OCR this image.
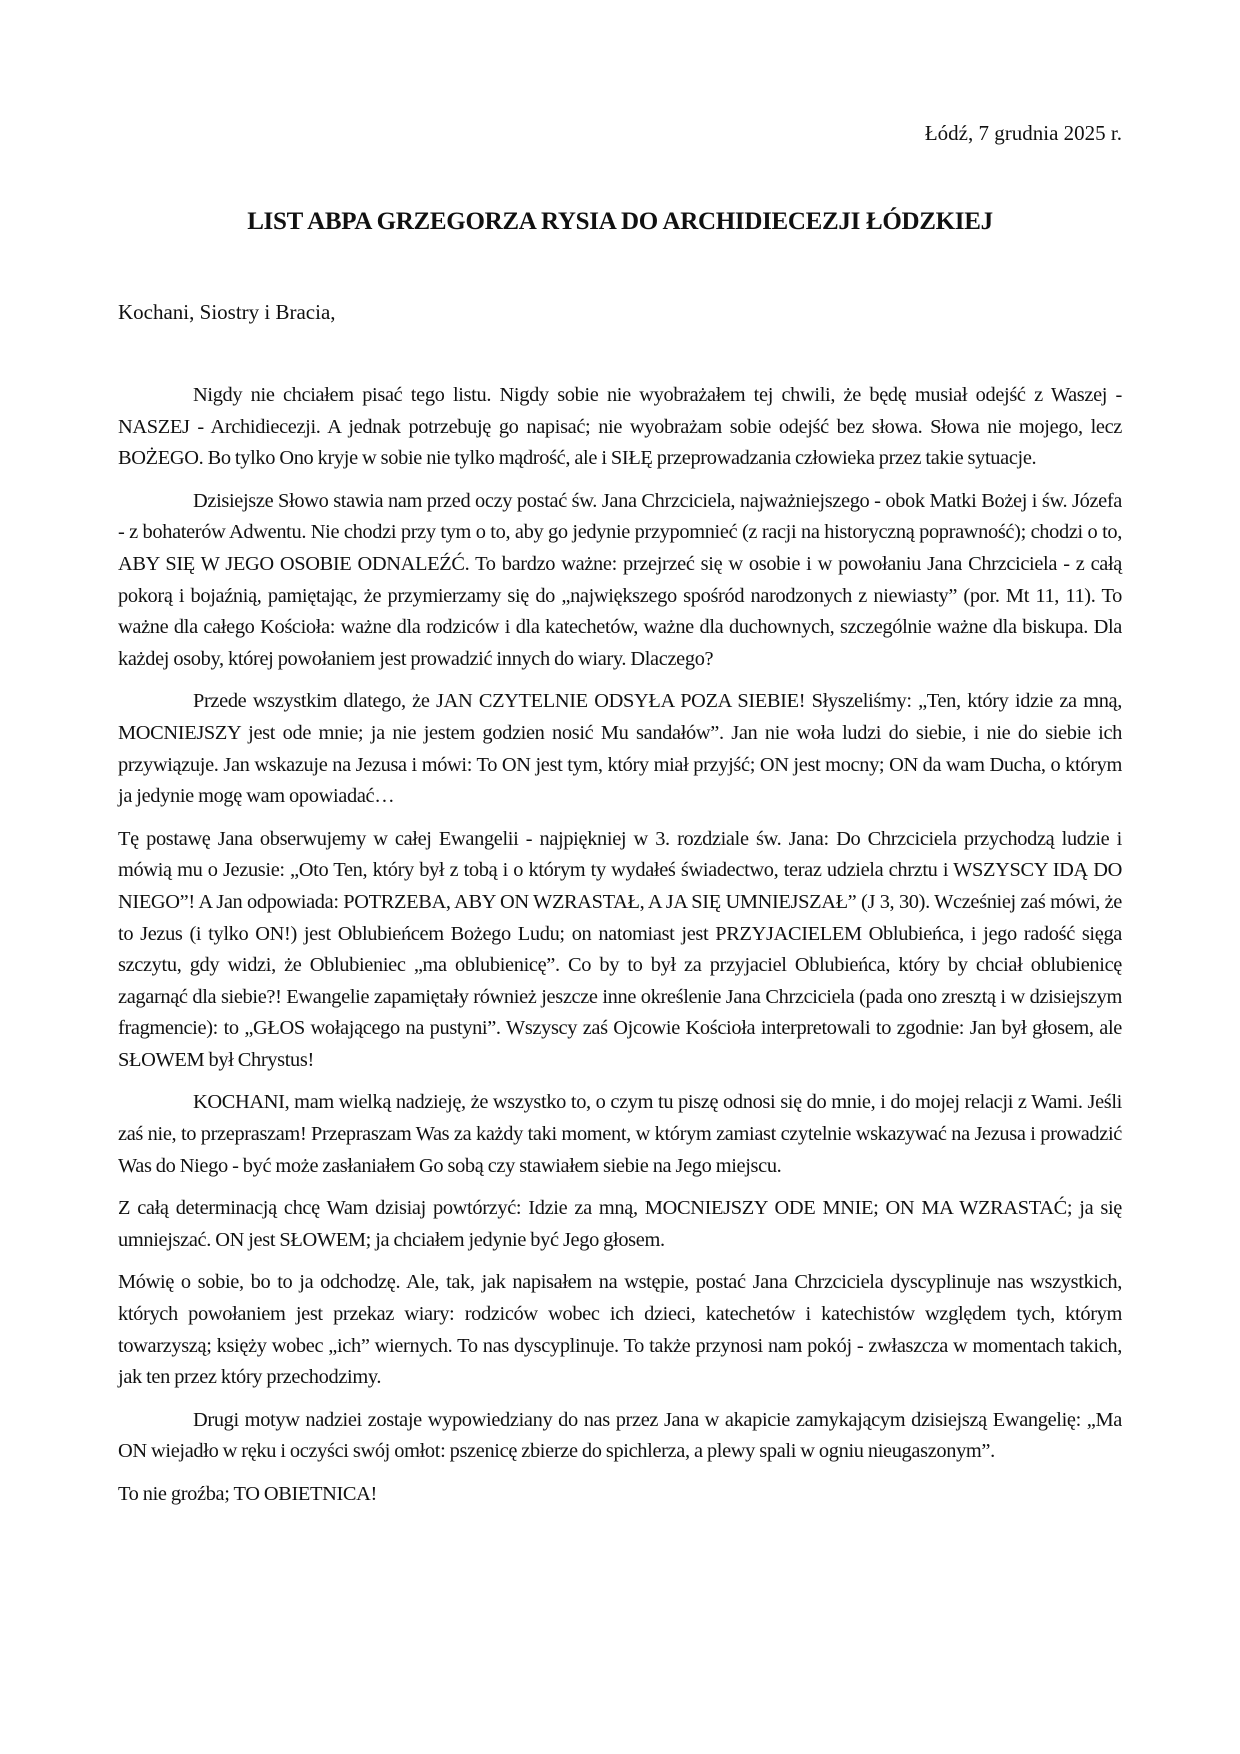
Łódź, 7 grudnia 2025 r.
LIST ABPA GRZEGORZA RYSIA DO ARCHIDIECEZJI ŁÓDZKIEJ
Kochani, Siostry i Bracia,

Nigdy nie chciałem pisać tego listu. Nigdy sobie nie wyobrażałem tej chwili, że będę musiał odejść z Waszej - NASZEJ - Archidiecezji. A jednak potrzebuję go napisać; nie wyobrażam sobie odejść bez słowa. Słowa nie mojego, lecz BOŻEGO. Bo tylko Ono kryje w sobie nie tylko mądrość, ale i SIŁĘ przeprowadzania człowieka przez takie sytuacje.

Dzisiejsze Słowo stawia nam przed oczy postać św. Jana Chrzciciela, najważniejszego - obok Matki Bożej i św. Józefa - z bohaterów Adwentu. Nie chodzi przy tym o to, aby go jedynie przypomnieć (z racji na historyczną poprawność); chodzi o to, ABY SIĘ W JEGO OSOBIE ODNALEŹĆ. To bardzo ważne: przejrzeć się w osobie i w powołaniu Jana Chrzciciela - z całą pokorą i bojaźnią, pamiętając, że przymierzamy się do „największego spośród narodzonych z niewiasty” (por. Mt 11, 11). To ważne dla całego Kościoła: ważne dla rodziców i dla katechetów, ważne dla duchownych, szczególnie ważne dla biskupa. Dla każdej osoby, której powołaniem jest prowadzić innych do wiary. Dlaczego?

Przede wszystkim dlatego, że JAN CZYTELNIE ODSYŁA POZA SIEBIE! Słyszeliśmy: „Ten, który idzie za mną, MOCNIEJSZY jest ode mnie; ja nie jestem godzien nosić Mu sandałów”. Jan nie woła ludzi do siebie, i nie do siebie ich przywiązuje. Jan wskazuje na Jezusa i mówi: To ON jest tym, który miał przyjść; ON jest mocny; ON da wam Ducha, o którym ja jedynie mogę wam opowiadać…

Tę postawę Jana obserwujemy w całej Ewangelii - najpiękniej w 3. rozdziale św. Jana: Do Chrzciciela przychodzą ludzie i mówią mu o Jezusie: „Oto Ten, który był z tobą i o którym ty wydałeś świadectwo, teraz udziela chrztu i WSZYSCY IDĄ DO NIEGO”! A Jan odpowiada: POTRZEBA, ABY ON WZRASTAŁ, A JA SIĘ UMNIEJSZAŁ” (J 3, 30). Wcześniej zaś mówi, że to Jezus (i tylko ON!) jest Oblubieńcem Bożego Ludu; on natomiast jest PRZYJACIELEM Oblubieńca, i jego radość sięga szczytu, gdy widzi, że Oblubieniec „ma oblubienicę”. Co by to był za przyjaciel Oblubieńca, który by chciał oblubienicę zagarnąć dla siebie?! Ewangelie zapamiętały również jeszcze inne określenie Jana Chrzciciela (pada ono zresztą i w dzisiejszym fragmencie): to „GŁOS wołającego na pustyni”. Wszyscy zaś Ojcowie Kościoła interpretowali to zgodnie: Jan był głosem, ale SŁOWEM był Chrystus!

KOCHANI, mam wielką nadzieję, że wszystko to, o czym tu piszę odnosi się do mnie, i do mojej relacji z Wami. Jeśli zaś nie, to przepraszam! Przepraszam Was za każdy taki moment, w którym zamiast czytelnie wskazywać na Jezusa i prowadzić Was do Niego - być może zasłaniałem Go sobą czy stawiałem siebie na Jego miejscu.

Z całą determinacją chcę Wam dzisiaj powtórzyć: Idzie za mną, MOCNIEJSZY ODE MNIE; ON MA WZRASTAĆ; ja się umniejszać. ON jest SŁOWEM; ja chciałem jedynie być Jego głosem.

Mówię o sobie, bo to ja odchodzę. Ale, tak, jak napisałem na wstępie, postać Jana Chrzciciela dyscyplinuje nas wszystkich, których powołaniem jest przekaz wiary: rodziców wobec ich dzieci, katechetów i katechistów względem tych, którym towarzyszą; księży wobec „ich” wiernych. To nas dyscyplinuje. To także przynosi nam pokój - zwłaszcza w momentach takich, jak ten przez który przechodzimy.

Drugi motyw nadziei zostaje wypowiedziany do nas przez Jana w akapicie zamykającym dzisiejszą Ewangelię: „Ma ON wiejadło w ręku i oczyści swój omłot: pszenicę zbierze do spichlerza, a plewy spali w ogniu nieugaszonym”.

To nie groźba; TO OBIETNICA!
